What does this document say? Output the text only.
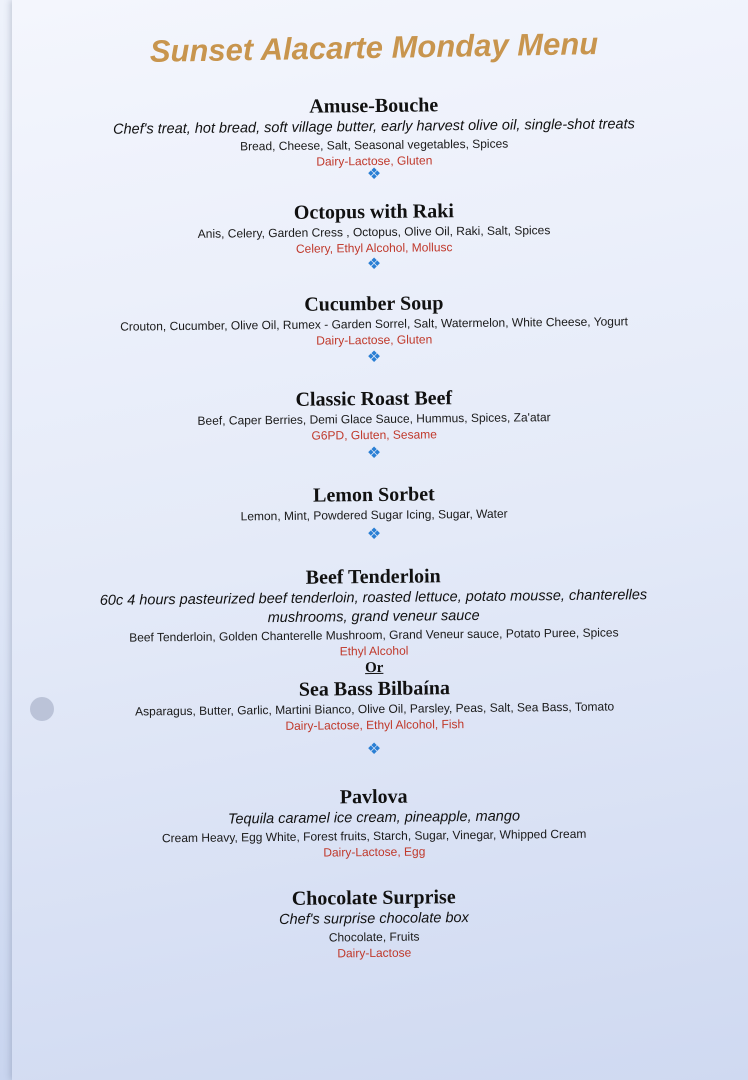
Sunset Alacarte Monday Menu
Amuse-Bouche
Chef's treat, hot bread, soft village butter, early harvest olive oil, single-shot treats
Bread, Cheese, Salt, Seasonal vegetables, Spices
Dairy-Lactose, Gluten
❖
Octopus with Raki
Anis, Celery, Garden Cress , Octopus, Olive Oil, Raki, Salt, Spices
Celery, Ethyl Alcohol, Mollusc
❖
Cucumber Soup
Crouton, Cucumber, Olive Oil, Rumex - Garden Sorrel, Salt, Watermelon, White Cheese, Yogurt
Dairy-Lactose, Gluten
❖
Classic Roast Beef
Beef, Caper Berries, Demi Glace Sauce, Hummus, Spices, Za'atar
G6PD, Gluten, Sesame
❖
Lemon Sorbet
Lemon, Mint, Powdered Sugar Icing, Sugar, Water
❖
Beef Tenderloin
60c 4 hours pasteurized beef tenderloin, roasted lettuce, potato mousse, chanterelles
mushrooms, grand veneur sauce
Beef Tenderloin, Golden Chanterelle Mushroom, Grand Veneur sauce, Potato Puree, Spices
Ethyl Alcohol
Or
Sea Bass Bilbaína
Asparagus, Butter, Garlic, Martini Bianco, Olive Oil, Parsley, Peas, Salt, Sea Bass, Tomato
Dairy-Lactose, Ethyl Alcohol, Fish
❖
Pavlova
Tequila caramel ice cream, pineapple, mango
Cream Heavy, Egg White, Forest fruits, Starch, Sugar, Vinegar, Whipped Cream
Dairy-Lactose, Egg
Chocolate Surprise
Chef's surprise chocolate box
Chocolate, Fruits
Dairy-Lactose
